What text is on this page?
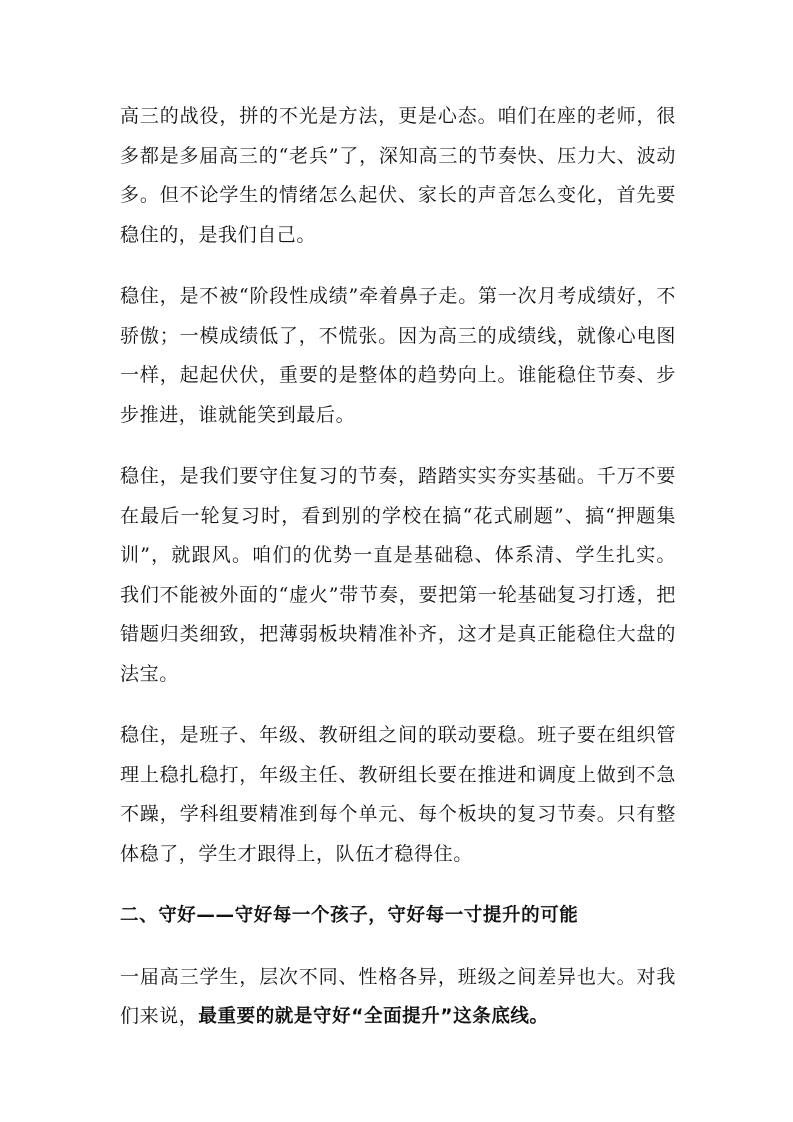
高三的战役，拼的不光是方法，更是心态。咱们在座的老师，很多都是多届高三的“老兵”了，深知高三的节奏快、压力大、波动多。但不论学生的情绪怎么起伏、家长的声音怎么变化，首先要稳住的，是我们自己。

稳住，是不被“阶段性成绩”牵着鼻子走。第一次月考成绩好，不骄傲；一模成绩低了，不慌张。因为高三的成绩线，就像心电图一样，起起伏伏，重要的是整体的趋势向上。谁能稳住节奏、步步推进，谁就能笑到最后。

稳住，是我们要守住复习的节奏，踏踏实实夯实基础。千万不要在最后一轮复习时，看到别的学校在搞“花式刷题”、搞“押题集训”，就跟风。咱们的优势一直是基础稳、体系清、学生扎实。我们不能被外面的“虚火”带节奏，要把第一轮基础复习打透，把错题归类细致，把薄弱板块精准补齐，这才是真正能稳住大盘的法宝。

稳住，是班子、年级、教研组之间的联动要稳。班子要在组织管理上稳扎稳打，年级主任、教研组长要在推进和调度上做到不急不躁，学科组要精准到每个单元、每个板块的复习节奏。只有整体稳了，学生才跟得上，队伍才稳得住。

二、守好——守好每一个孩子，守好每一寸提升的可能

一届高三学生，层次不同、性格各异，班级之间差异也大。对我们来说，最重要的就是守好“全面提升”这条底线。
